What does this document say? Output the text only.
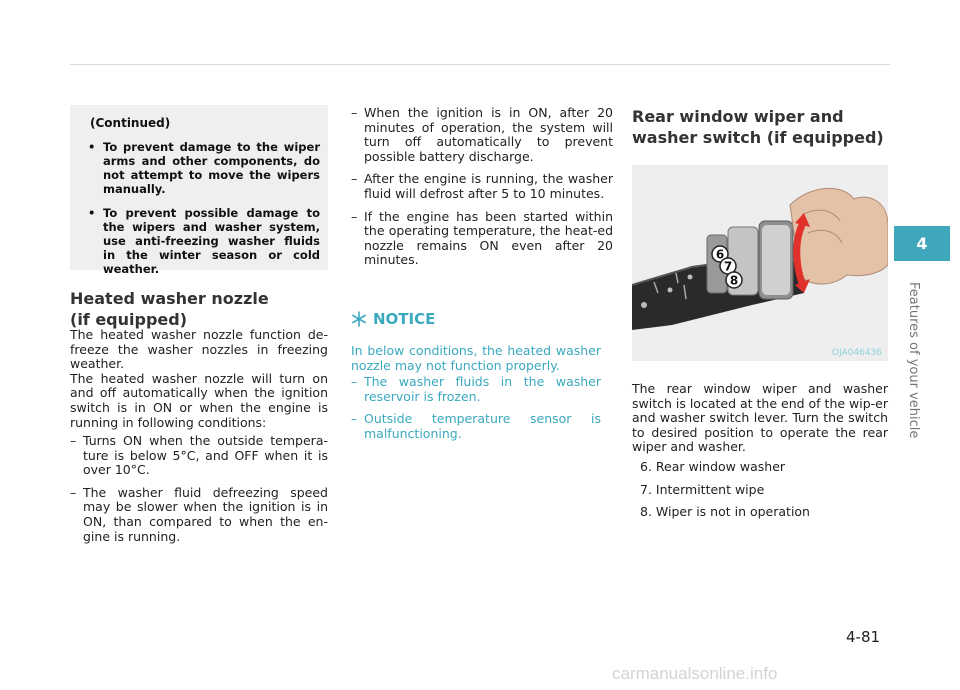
(Continued)
• To prevent damage to the wiper arms and other components, do not attempt to move the wipers manually.
• To prevent possible damage to the wipers and washer system, use anti-freezing washer fluids in the winter season or cold weather.
Heated washer nozzle (if equipped)
The heated washer nozzle function de-freeze the washer nozzles in freezing weather.
The heated washer nozzle will turn on and off automatically when the ignition switch is in ON or when the engine is running in following conditions:
– Turns ON when the outside tempera-ture is below 5°C, and OFF when it is over 10°C.
– The washer fluid defreezing speed may be slower when the ignition is in ON, than compared to when the en-gine is running.
– When the ignition is in ON, after 20 minutes of operation, the system will turn off automatically to prevent possible battery discharge.
– After the engine is running, the washer fluid will defrost after 5 to 10 minutes.
– If the engine has been started within the operating temperature, the heat-ed nozzle remains ON even after 20 minutes.
NOTICE
In below conditions, the heated washer nozzle may not function properly.
– The washer fluids in the washer reservoir is frozen.
– Outside temperature sensor is malfunctioning.
Rear window wiper and washer switch (if equipped)
6
7
8
OJA046436
The rear window wiper and washer switch is located at the end of the wip-er and washer switch lever. Turn the switch to desired position to operate the rear wiper and washer.
6. Rear window washer
7. Intermittent wipe
8. Wiper is not in operation
4
Features of your vehicle
4-81
carmanualsonline.info
